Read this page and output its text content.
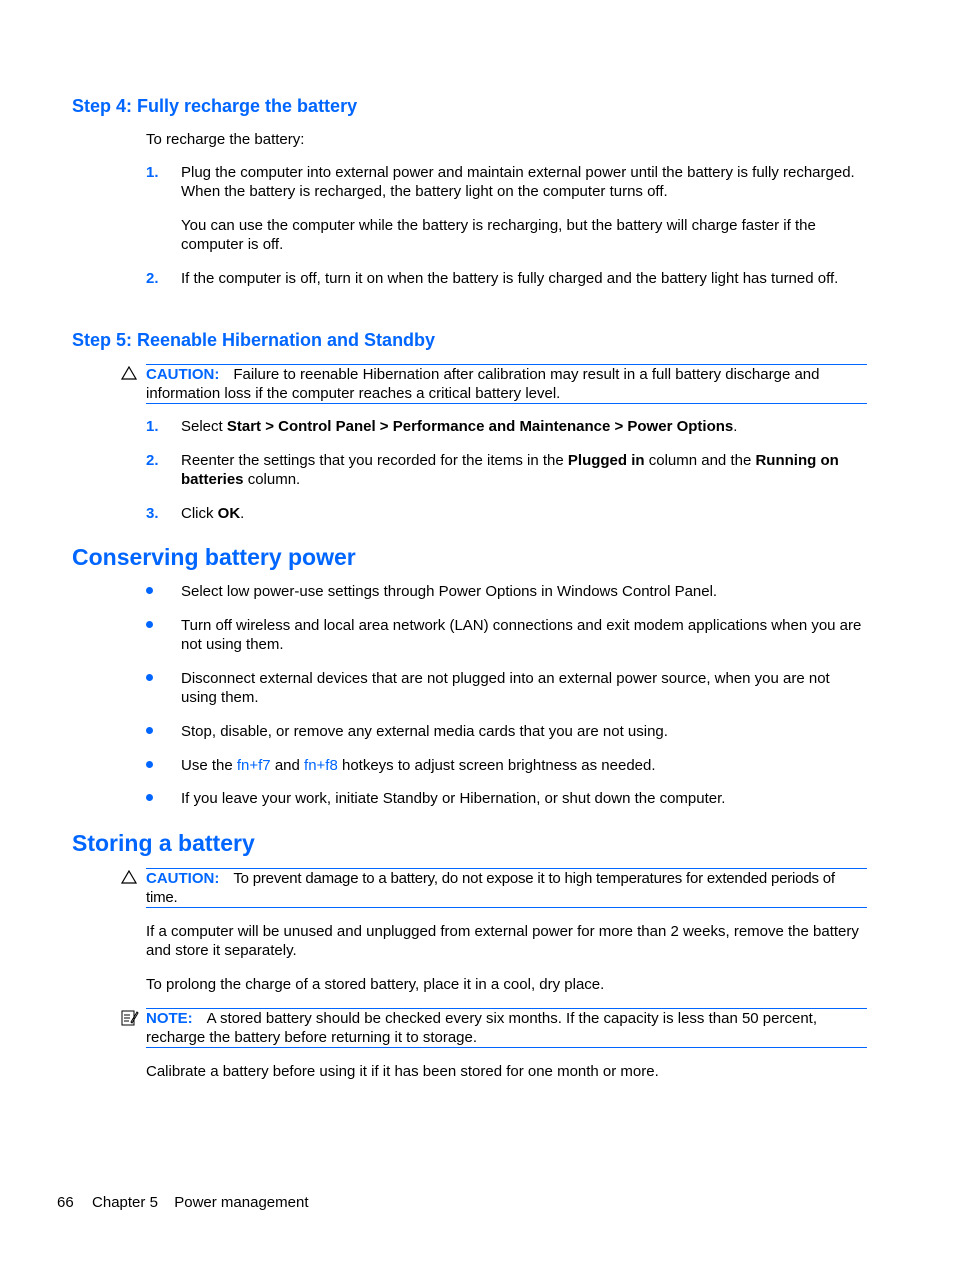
Step 4: Fully recharge the battery
To recharge the battery:
1. Plug the computer into external power and maintain external power until the battery is fully recharged. When the battery is recharged, the battery light on the computer turns off.
You can use the computer while the battery is recharging, but the battery will charge faster if the computer is off.
2. If the computer is off, turn it on when the battery is fully charged and the battery light has turned off.
Step 5: Reenable Hibernation and Standby
CAUTION: Failure to reenable Hibernation after calibration may result in a full battery discharge and information loss if the computer reaches a critical battery level.
1. Select Start > Control Panel > Performance and Maintenance > Power Options.
2. Reenter the settings that you recorded for the items in the Plugged in column and the Running on batteries column.
3. Click OK.
Conserving battery power
Select low power-use settings through Power Options in Windows Control Panel.
Turn off wireless and local area network (LAN) connections and exit modem applications when you are not using them.
Disconnect external devices that are not plugged into an external power source, when you are not using them.
Stop, disable, or remove any external media cards that you are not using.
Use the fn+f7 and fn+f8 hotkeys to adjust screen brightness as needed.
If you leave your work, initiate Standby or Hibernation, or shut down the computer.
Storing a battery
CAUTION: To prevent damage to a battery, do not expose it to high temperatures for extended periods of time.
If a computer will be unused and unplugged from external power for more than 2 weeks, remove the battery and store it separately.
To prolong the charge of a stored battery, place it in a cool, dry place.
NOTE: A stored battery should be checked every six months. If the capacity is less than 50 percent, recharge the battery before returning it to storage.
Calibrate a battery before using it if it has been stored for one month or more.
66 Chapter 5 Power management
